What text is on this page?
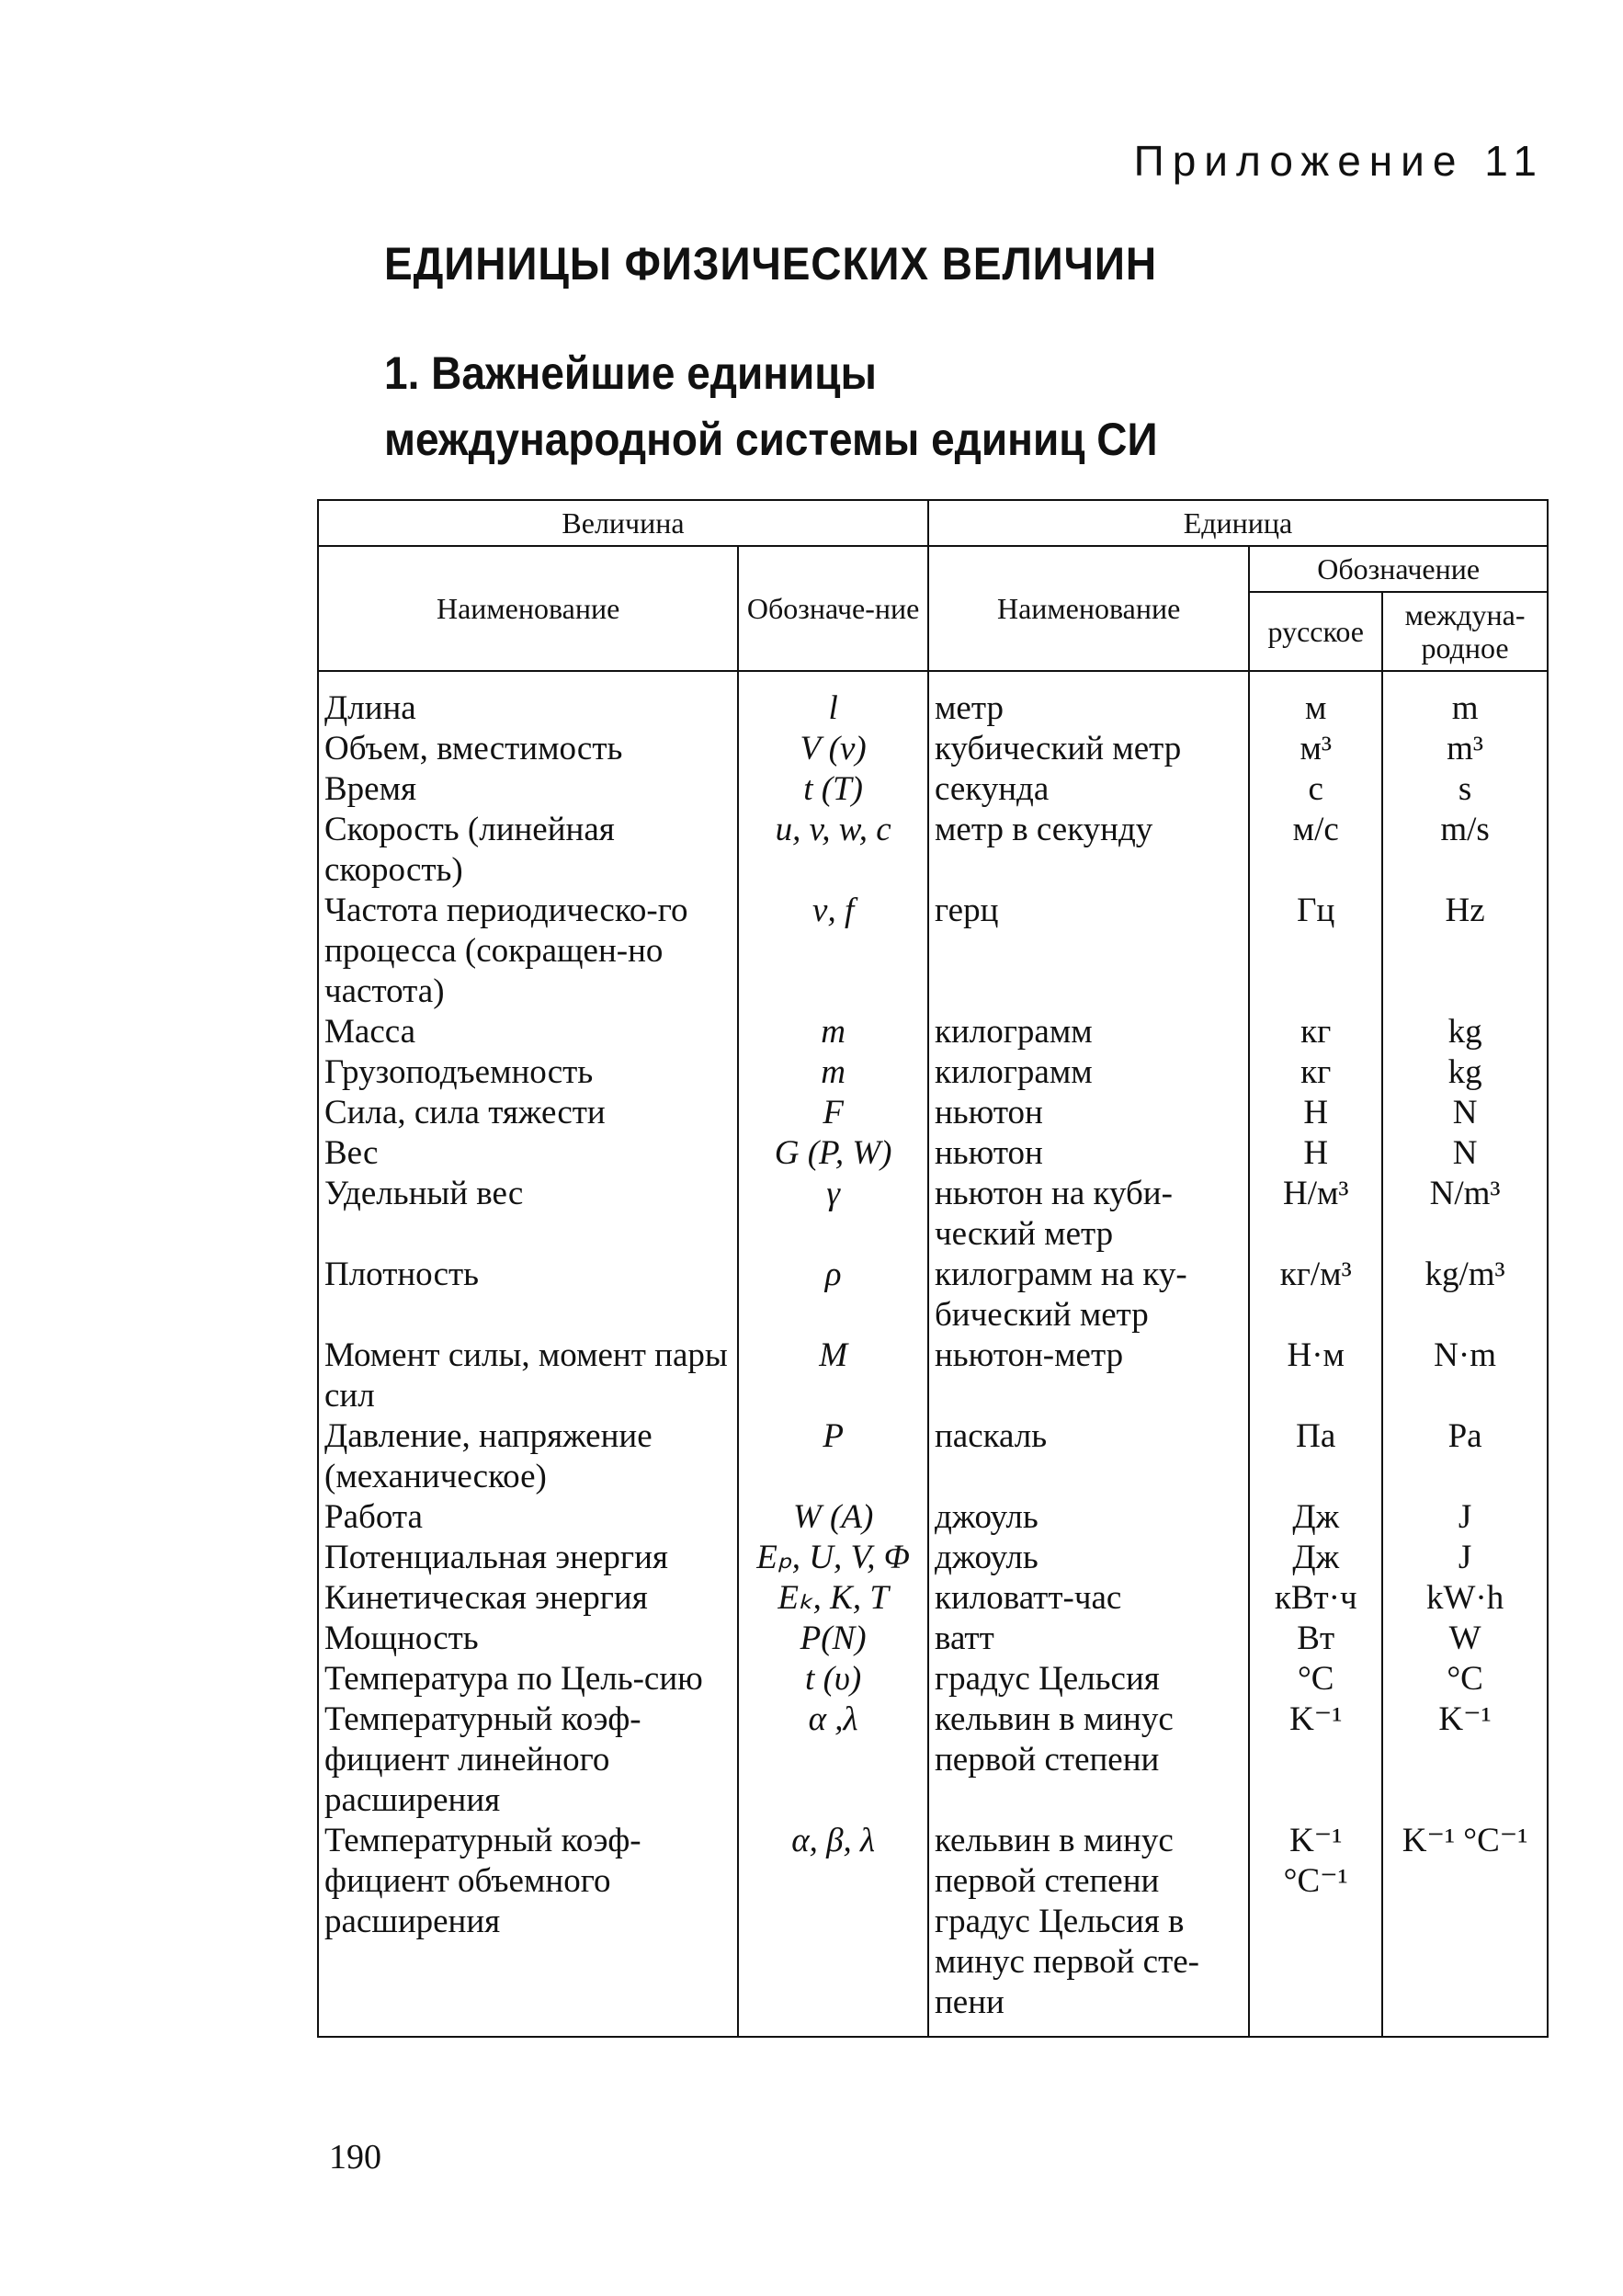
Приложение 11
ЕДИНИЦЫ ФИЗИЧЕСКИХ ВЕЛИЧИН
1. Важнейшие единицы
международной системы единиц СИ
Величина		Единица		
Наименование	Обозначе-ние	Наименование	Обозначение	
			русское	междуна-родное
Длина	l	метр	м	m
Объем, вместимость	V (v)	кубический метр	м³	m³
Время	t (T)	секунда	с	s
Скорость (линейная скорость)	u, v, w, c	метр в секунду	м/с	m/s
Частота периодическо-го процесса (сокращен-но частота)	ν, f	герц	Гц	Hz
Масса	m	килограмм	кг	kg
Грузоподъемность	m	килограмм	кг	kg
Сила, сила тяжести	F	ньютон	Н	N
Вес	G (P, W)	ньютон	Н	N
Удельный вес	γ	ньютон на куби-ческий метр	Н/м³	N/m³
Плотность	ρ	килограмм на ку-бический метр	кг/м³	kg/m³
Момент силы, момент пары сил	M	ньютон-метр	Н·м	N·m
Давление, напряжение (механическое)	P	паскаль	Па	Pa
Работа	W (A)	джоуль	Дж	J
Потенциальная энергия	Eₚ, U, V, Φ	джоуль	Дж	J
Кинетическая энергия	Eₖ, K, T	киловатт-час	кВт·ч	kW·h
Мощность	P(N)	ватт	Вт	W
Температура по Цель-сию	t (υ)	градус Цельсия	°C	°C
Температурный коэф-фициент линейного расширения	α ,λ	кельвин в минус первой степени	K⁻¹	K⁻¹
Температурный коэф-фициент объемного расширения	α, β, λ	кельвин в минус первой степени градус Цельсия в минус первой сте-пени	K⁻¹ °C⁻¹	K⁻¹ °C⁻¹
190
